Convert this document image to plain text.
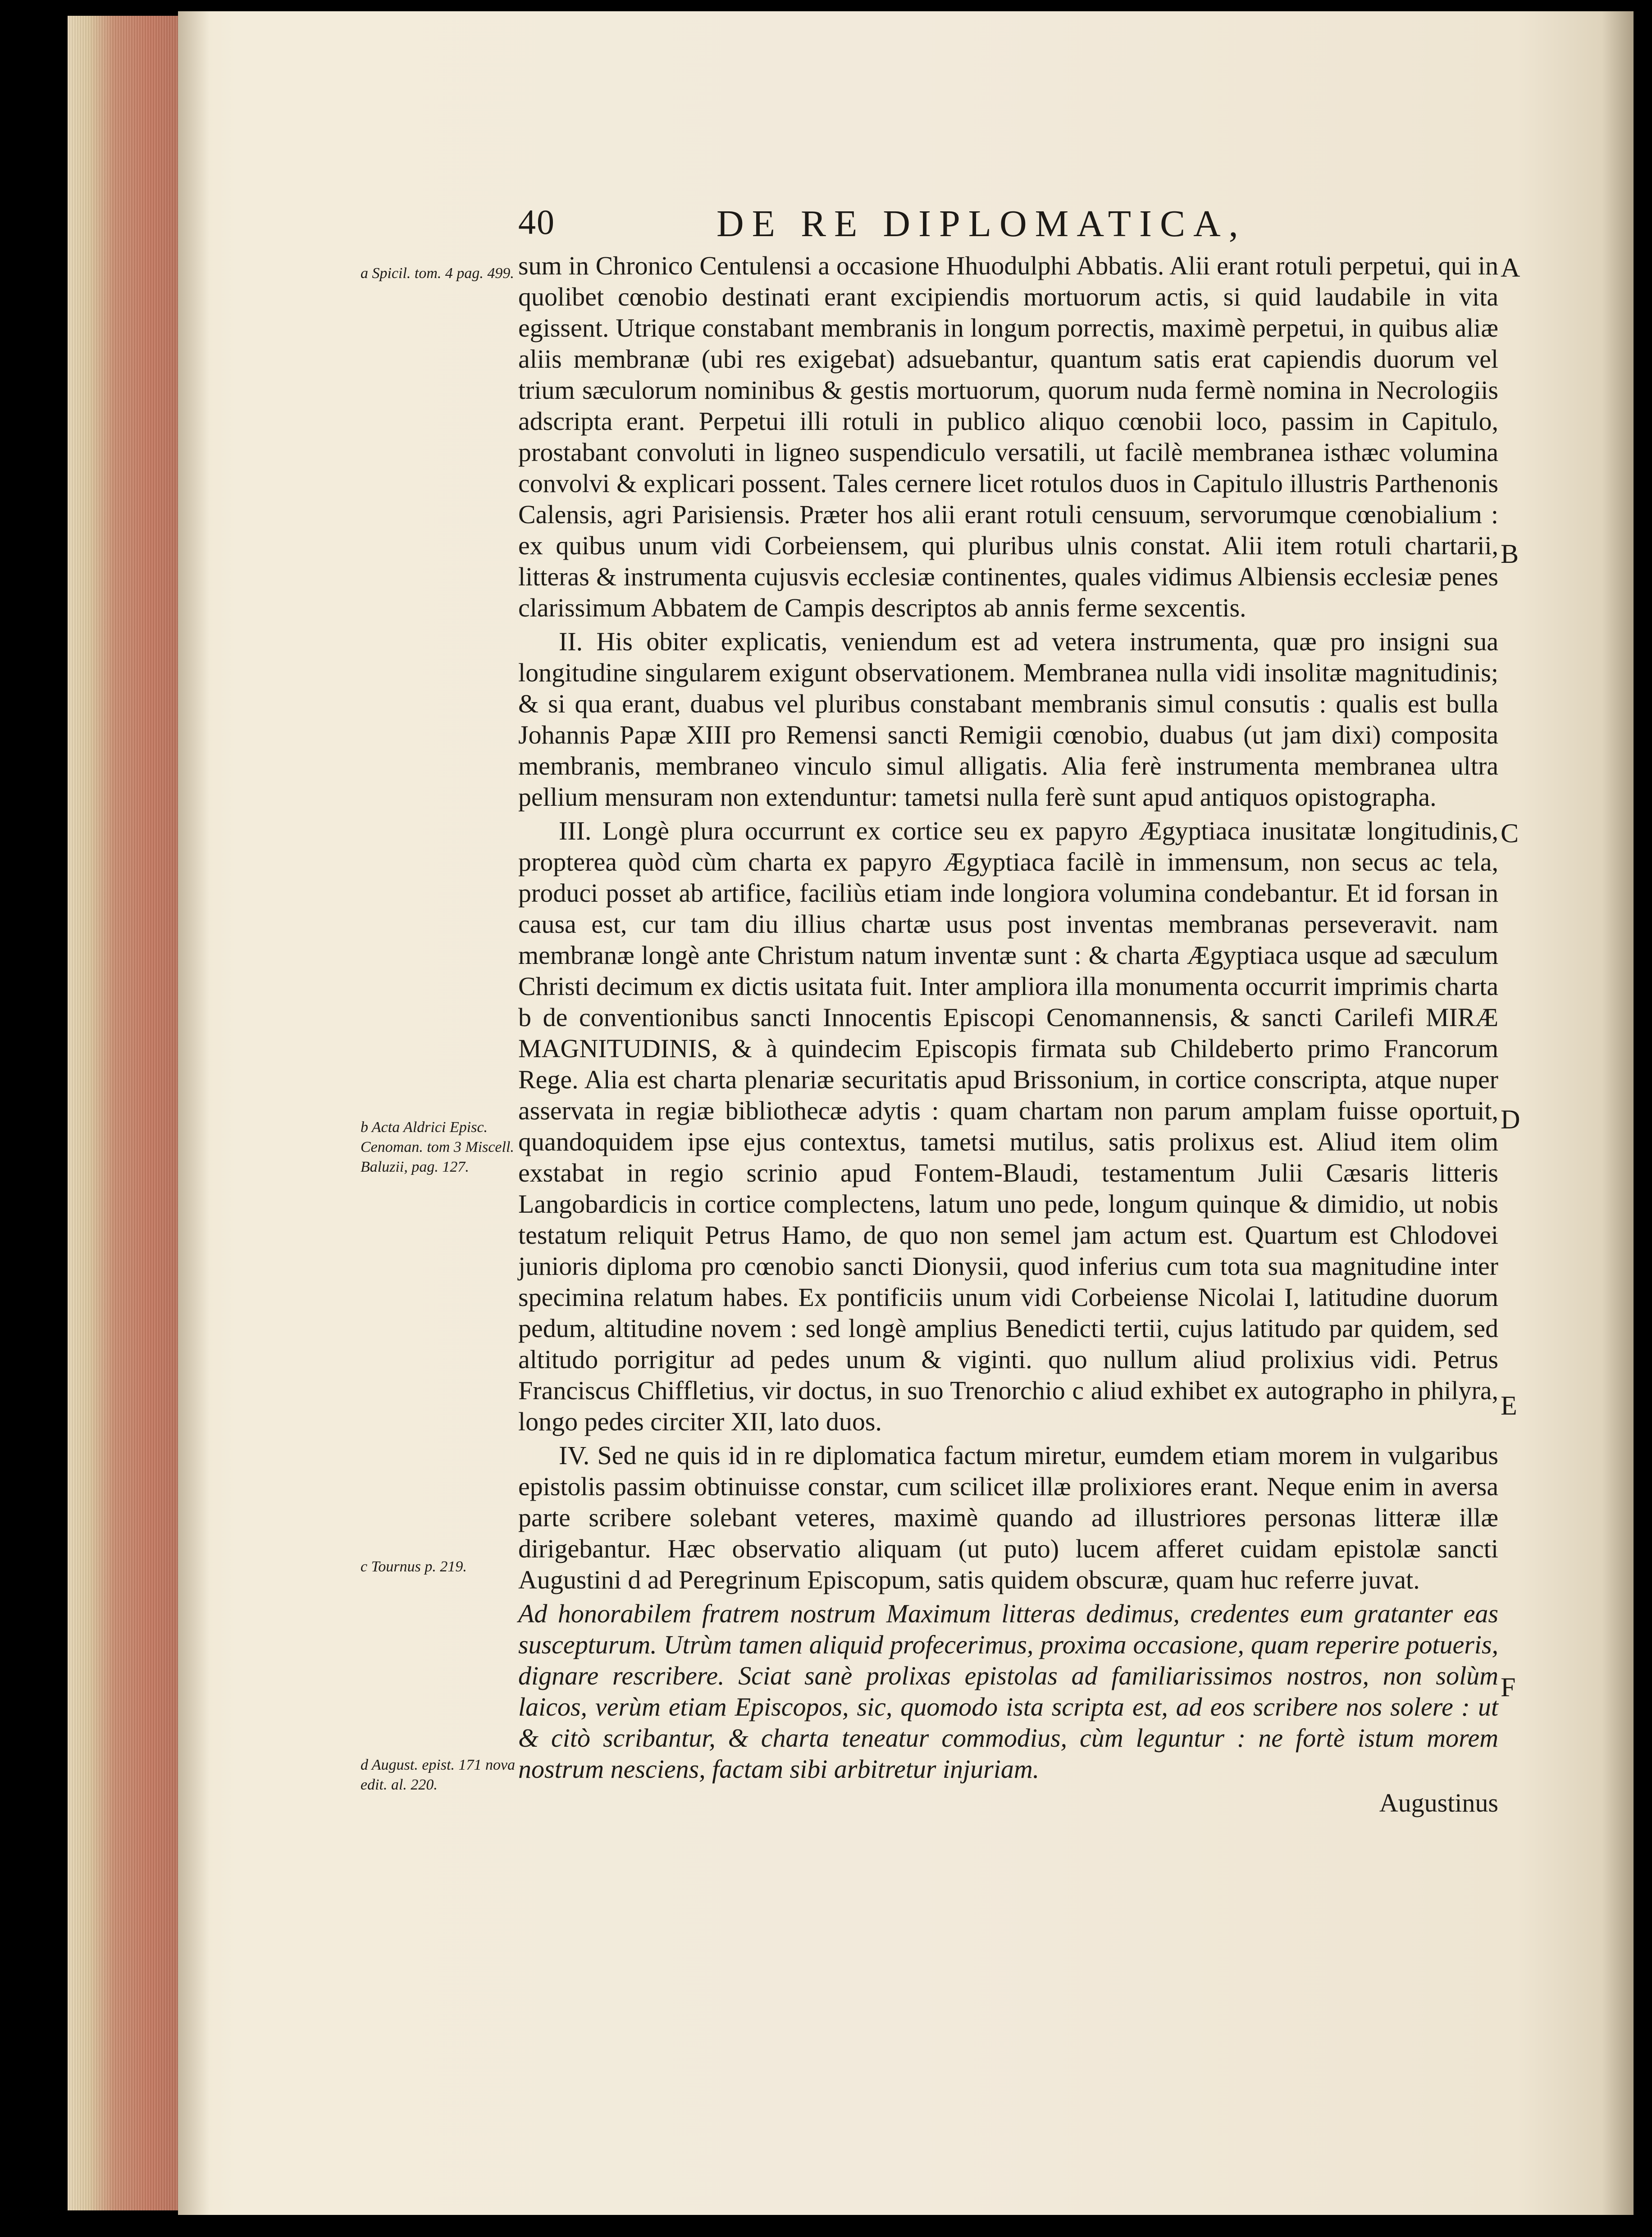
40	DE RE DIPLOMATICA,
a Spicil. tom. 4 pag. 499.
b Acta Aldrici Episc. Cenoman. tom 3 Miscell. Baluzii, pag. 127.
c Tournus p. 219.
d August. epist. 171 nova edit. al. 220.
A
B
C
D
E
F

sum in Chronico Centulensi a occasione Hhuodulphi Abbatis. Alii erant rotuli perpetui, qui in quolibet cœnobio destinati erant excipiendis mortuorum actis, si quid laudabile in vita egissent. Utrique constabant membranis in longum porrectis, maximè perpetui, in quibus aliæ aliis membranæ (ubi res exigebat) adsuebantur, quantum satis erat capiendis duorum vel trium sæculorum nominibus & gestis mortuorum, quorum nuda fermè nomina in Necrologiis adscripta erant. Perpetui illi rotuli in publico aliquo cœnobii loco, passim in Capitulo, prostabant convoluti in ligneo suspendiculo versatili, ut facilè membranea isthæc volumina convolvi & explicari possent. Tales cernere licet rotulos duos in Capitulo illustris Parthenonis Calensis, agri Parisiensis. Præter hos alii erant rotuli censuum, servorumque cœnobialium : ex quibus unum vidi Corbeiensem, qui pluribus ulnis constat. Alii item rotuli chartarii, litteras & instrumenta cujusvis ecclesiæ continentes, quales vidimus Albiensis ecclesiæ penes clarissimum Abbatem de Campis descriptos ab annis ferme sexcentis.

II. His obiter explicatis, veniendum est ad vetera instrumenta, quæ pro insigni sua longitudine singularem exigunt observationem. Membranea nulla vidi insolitæ magnitudinis; & si qua erant, duabus vel pluribus constabant membranis simul consutis : qualis est bulla Johannis Papæ XIII pro Remensi sancti Remigii cœnobio, duabus (ut jam dixi) composita membranis, membraneo vinculo simul alligatis. Alia ferè instrumenta membranea ultra pellium mensuram non extenduntur: tametsi nulla ferè sunt apud antiquos opistographa.

III. Longè plura occurrunt ex cortice seu ex papyro Ægyptiaca inusitatæ longitudinis, propterea quòd cùm charta ex papyro Ægyptiaca facilè in immensum, non secus ac tela, produci posset ab artifice, faciliùs etiam inde longiora volumina condebantur. Et id forsan in causa est, cur tam diu illius chartæ usus post inventas membranas perseveravit. nam membranæ longè ante Christum natum inventæ sunt : & charta Ægyptiaca usque ad sæculum Christi decimum ex dictis usitata fuit. Inter ampliora illa monumenta occurrit imprimis charta b de conventionibus sancti Innocentis Episcopi Cenomannensis, & sancti Carilefi MIRÆ MAGNITUDINIS, & à quindecim Episcopis firmata sub Childeberto primo Francorum Rege. Alia est charta plenariæ securitatis apud Brissonium, in cortice conscripta, atque nuper asservata in regiæ bibliothecæ adytis : quam chartam non parum amplam fuisse oportuit, quandoquidem ipse ejus contextus, tametsi mutilus, satis prolixus est. Aliud item olim exstabat in regio scrinio apud Fontem-Blaudi, testamentum Julii Cæsaris litteris Langobardicis in cortice complectens, latum uno pede, longum quinque & dimidio, ut nobis testatum reliquit Petrus Hamo, de quo non semel jam actum est. Quartum est Chlodovei junioris diploma pro cœnobio sancti Dionysii, quod inferius cum tota sua magnitudine inter specimina relatum habes. Ex pontificiis unum vidi Corbeiense Nicolai I, latitudine duorum pedum, altitudine novem : sed longè amplius Benedicti tertii, cujus latitudo par quidem, sed altitudo porrigitur ad pedes unum & viginti. quo nullum aliud prolixius vidi. Petrus Franciscus Chiffletius, vir doctus, in suo Trenorchio c aliud exhibet ex autographo in philyra, longo pedes circiter XII, lato duos.

IV. Sed ne quis id in re diplomatica factum miretur, eumdem etiam morem in vulgaribus epistolis passim obtinuisse constar, cum scilicet illæ prolixiores erant. Neque enim in aversa parte scribere solebant veteres, maximè quando ad illustriores personas litteræ illæ dirigebantur. Hæc observatio aliquam (ut puto) lucem afferet cuidam epistolæ sancti Augustini d ad Peregrinum Episcopum, satis quidem obscuræ, quam huc referre juvat.

Ad honorabilem fratrem nostrum Maximum litteras dedimus, credentes eum gratanter eas suscepturum. Utrùm tamen aliquid profecerimus, proxima occasione, quam reperire potueris, dignare rescribere. Sciat sanè prolixas epistolas ad familiarissimos nostros, non solùm laicos, verùm etiam Episcopos, sic, quomodo ista scripta est, ad eos scribere nos solere : ut & citò scribantur, & charta teneatur commodius, cùm leguntur : ne fortè istum morem nostrum nesciens, factam sibi arbitretur injuriam.

Augustinus
